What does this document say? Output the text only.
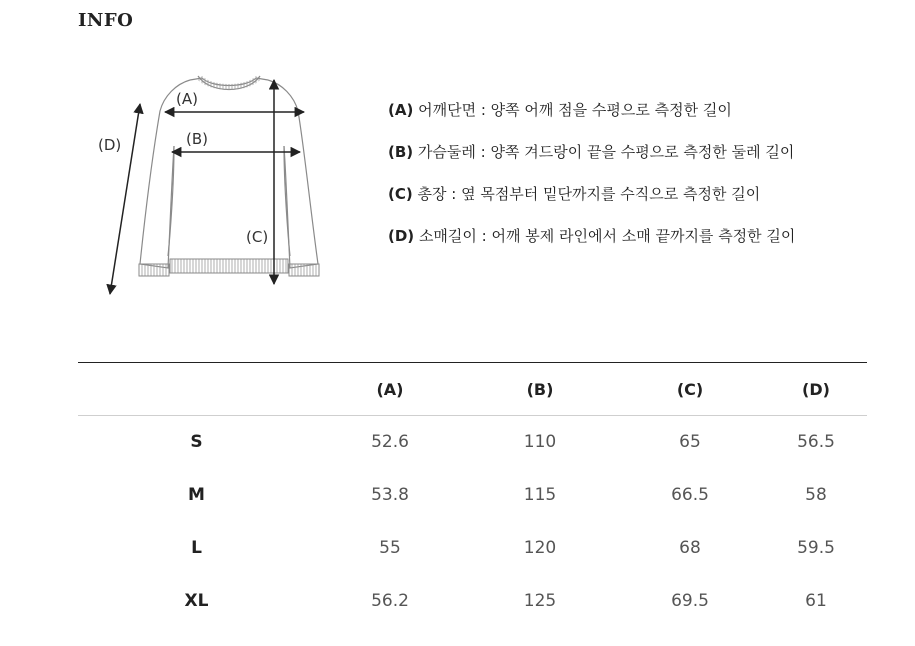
INFO
(A)
(B)
(C)
(D)
(A) 어깨단면 : 양쪽 어깨 점을 수평으로 측정한 길이
(B) 가슴둘레 : 양쪽 겨드랑이 끝을 수평으로 측정한 둘레 길이
(C) 총장 : 옆 목점부터 밑단까지를 수직으로 측정한 길이
(D) 소매길이 : 어깨 봉제 라인에서 소매 끝까지를 측정한 길이
	(A)	(B)	(C)	(D)
S	52.6	110	65	56.5
M	53.8	115	66.5	58
L	55	120	68	59.5
XL	56.2	125	69.5	61
